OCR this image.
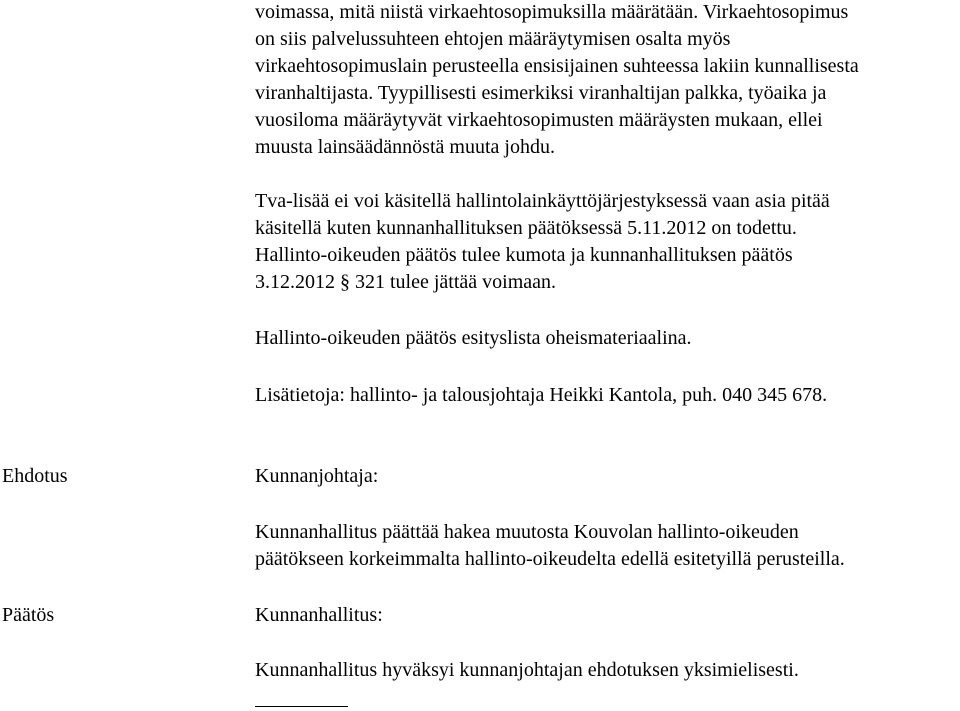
voimassa, mitä niistä virkaehtosopimuksilla määrätään. Virkaehtosopimus
on siis palvelussuhteen ehtojen määräytymisen osalta myös
virkaehtosopimuslain perusteella ensisijainen suhteessa lakiin kunnallisesta
viranhaltijasta. Tyypillisesti esimerkiksi viranhaltijan palkka, työaika ja
vuosiloma määräytyvät virkaehtosopimusten määräysten mukaan, ellei
muusta lainsäädännöstä muuta johdu.
Tva-lisää ei voi käsitellä hallintolainkäyttöjärjestyksessä vaan asia pitää
käsitellä kuten kunnanhallituksen päätöksessä 5.11.2012 on todettu.
Hallinto-oikeuden päätös tulee kumota ja kunnanhallituksen päätös
3.12.2012 § 321 tulee jättää voimaan.
Hallinto-oikeuden päätös esityslista oheismateriaalina.
Lisätietoja: hallinto- ja talousjohtaja Heikki Kantola, puh. 040 345 678.
Ehdotus	Kunnanjohtaja:
Kunnanhallitus päättää hakea muutosta Kouvolan hallinto-oikeuden
päätökseen korkeimmalta hallinto-oikeudelta edellä esitetyillä perusteilla.
Päätös	Kunnanhallitus:
Kunnanhallitus hyväksyi kunnanjohtajan ehdotuksen yksimielisesti.
